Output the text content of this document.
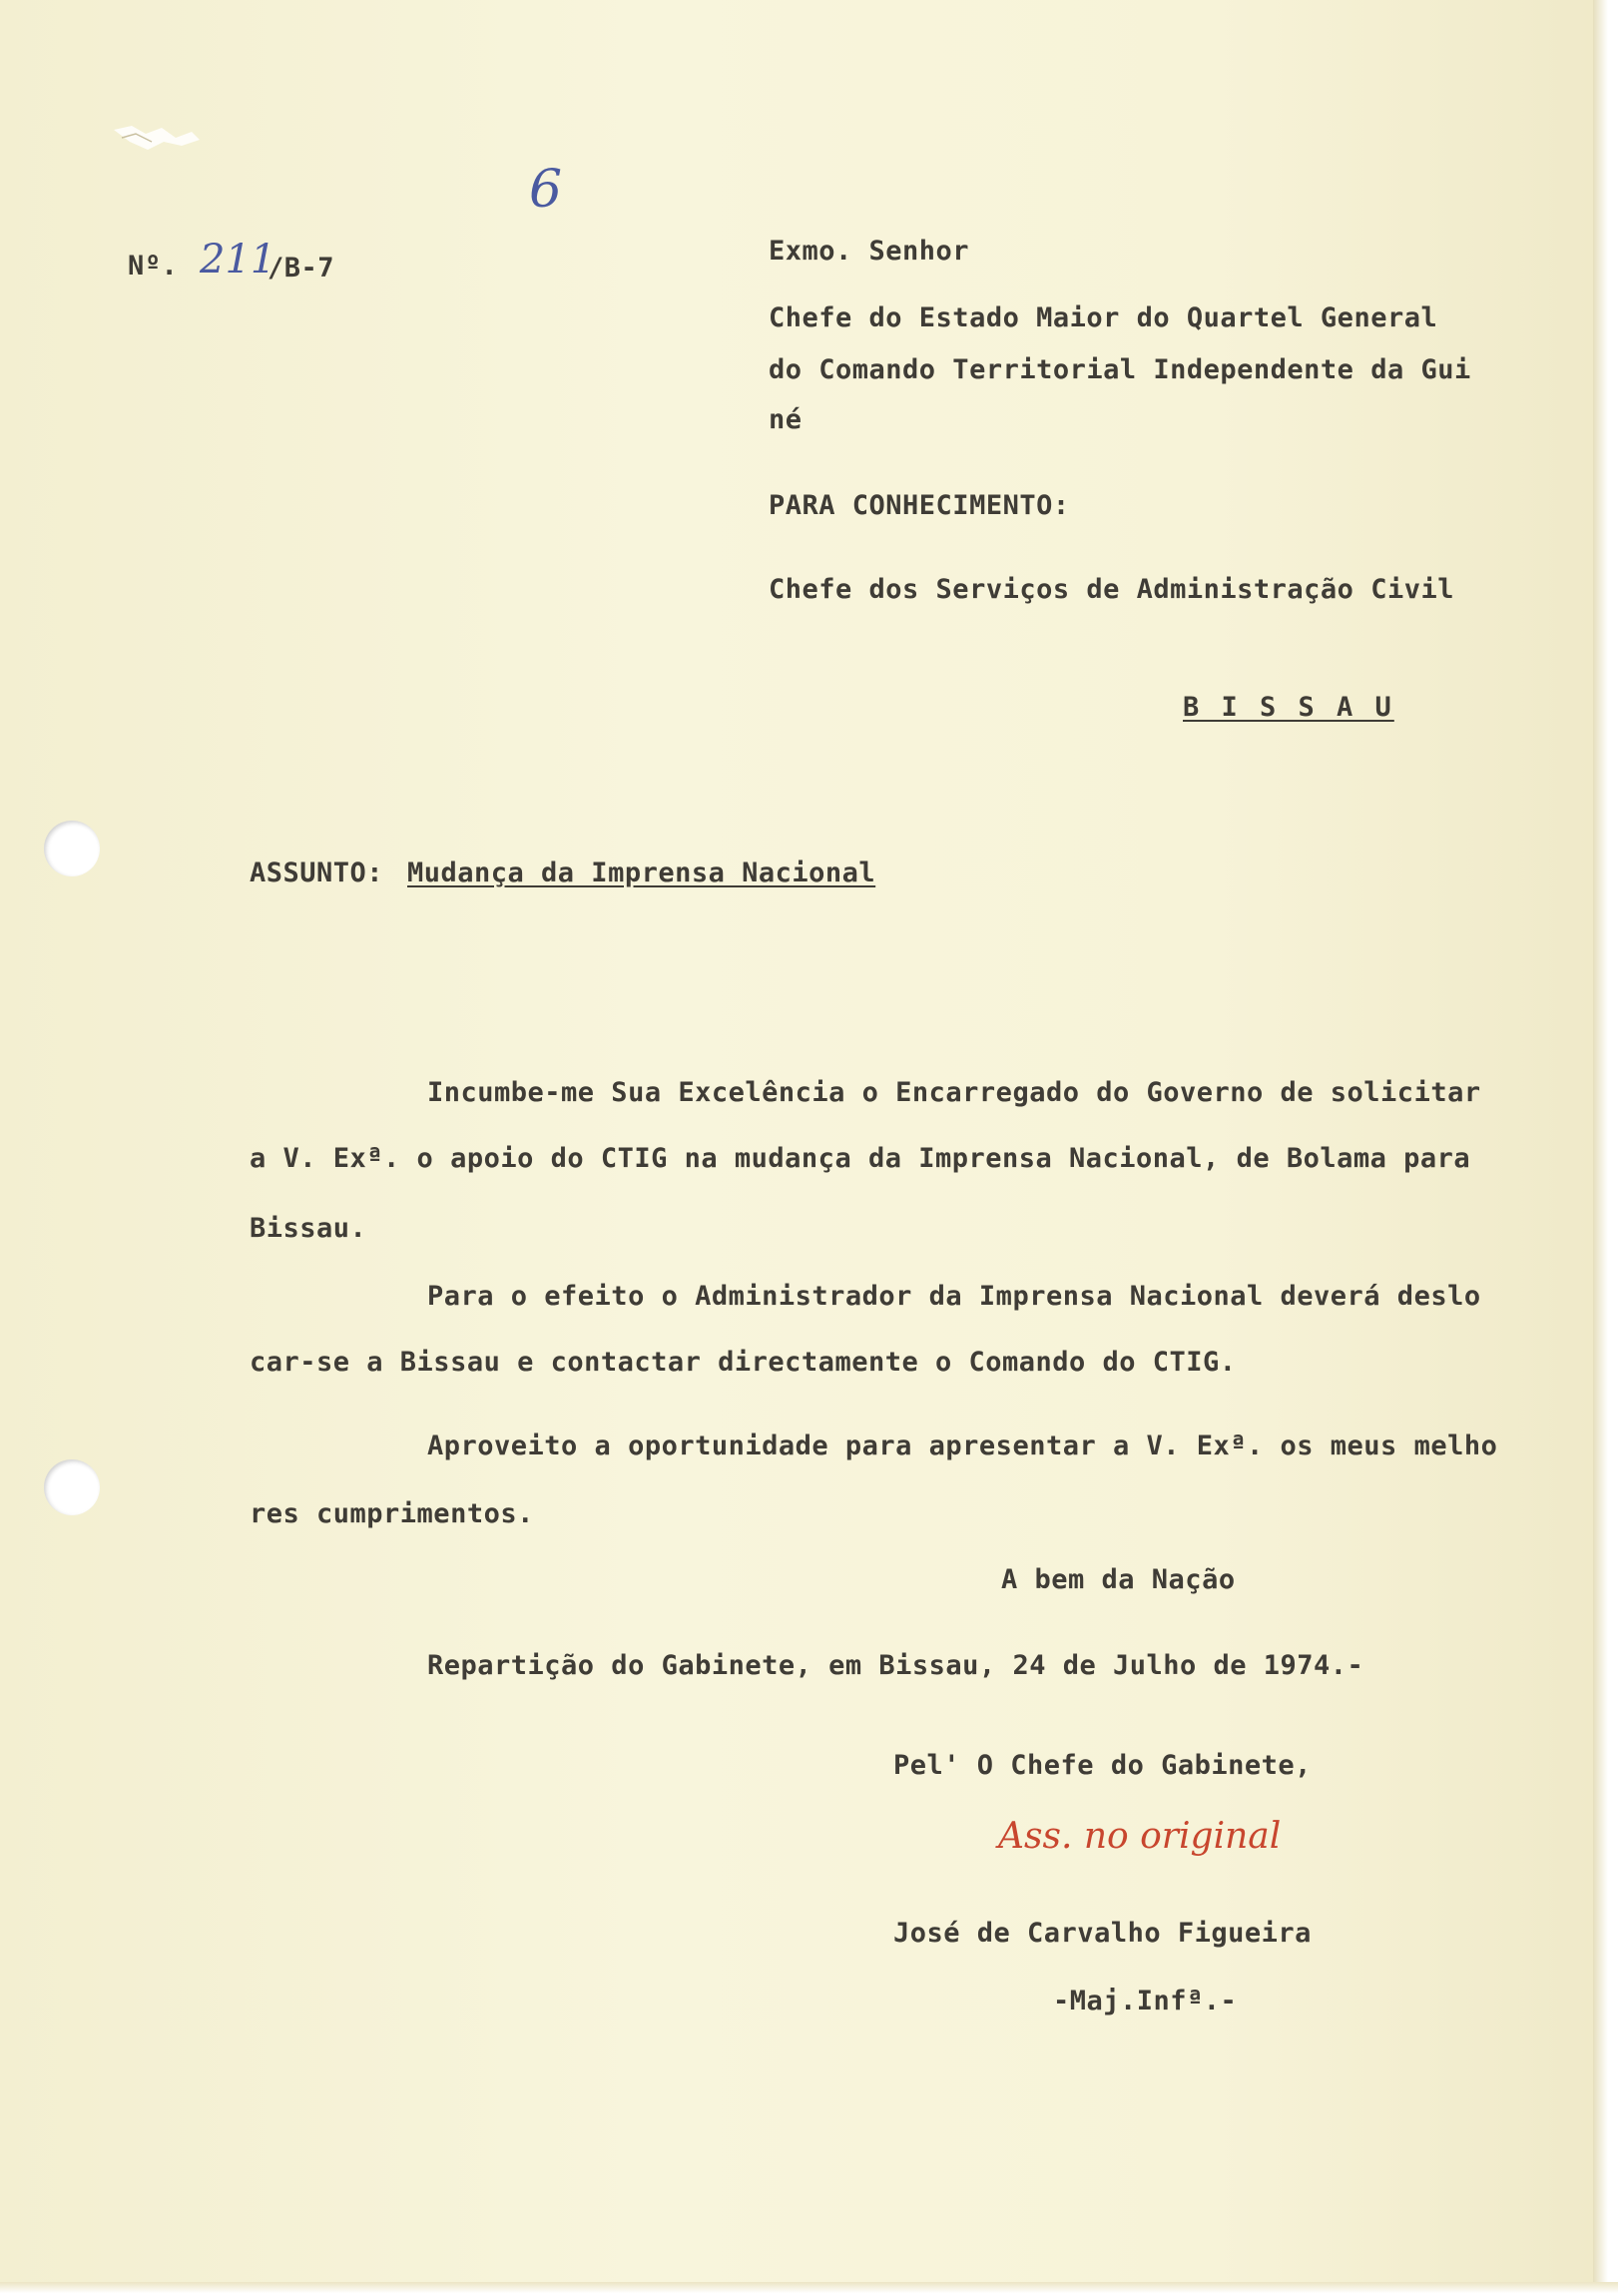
6
Nº. 211
/B-7
Exmo. Senhor
Chefe do Estado Maior do Quartel General
do Comando Territorial Independente da Gui
né
PARA CONHECIMENTO:
Chefe dos Serviços de Administração Civil
B I S S A U
ASSUNTO: Mudança da Imprensa Nacional
Incumbe-me Sua Excelência o Encarregado do Governo de solicitar
a V. Exª. o apoio do CTIG na mudança da Imprensa Nacional, de Bolama para
Bissau.
Para o efeito o Administrador da Imprensa Nacional deverá deslo
car-se a Bissau e contactar directamente o Comando do CTIG.
Aproveito a oportunidade para apresentar a V. Exª. os meus melho
res cumprimentos.
A bem da Nação
Repartição do Gabinete, em Bissau, 24 de Julho de 1974.-
Pel' O Chefe do Gabinete,
Ass. no original
José de Carvalho Figueira
-Maj.Infª.-
